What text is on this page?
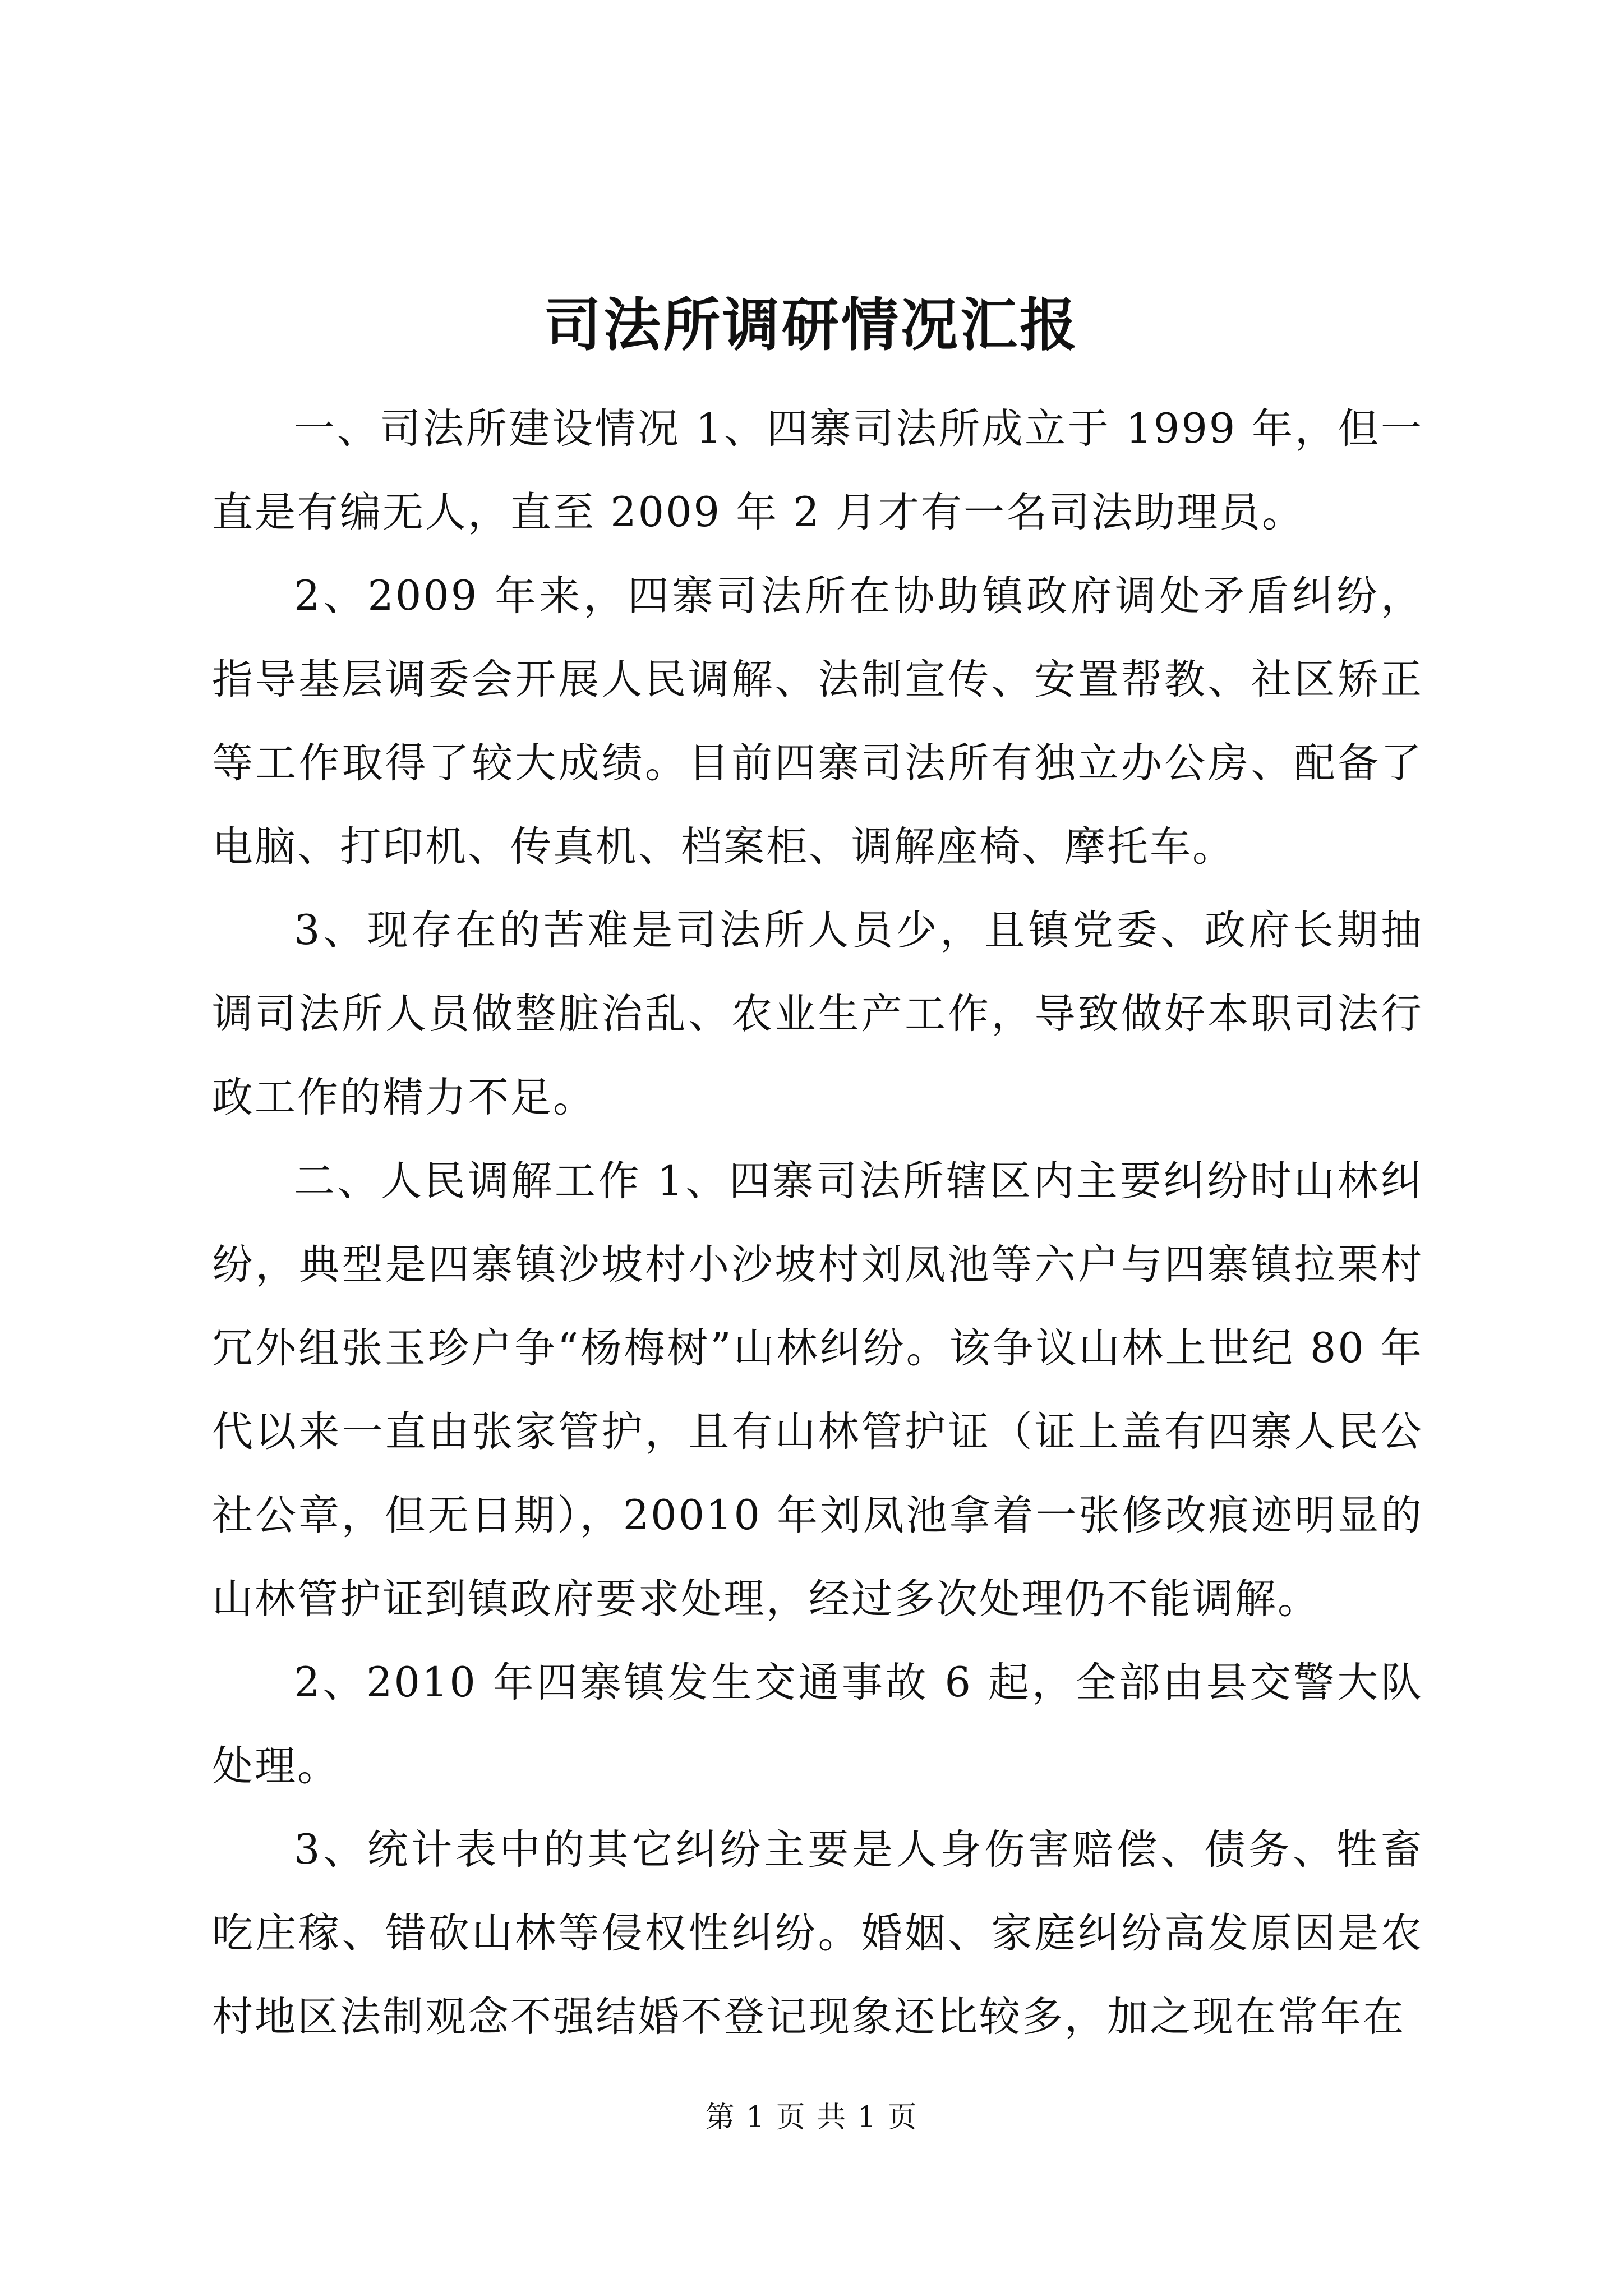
司法所调研情况汇报

一、司法所建设情况 1、四寨司法所成立于 1999 年，但一直是有编无人，直至 2009 年 2 月才有一名司法助理员。

2、2009 年来，四寨司法所在协助镇政府调处矛盾纠纷，指导基层调委会开展人民调解、法制宣传、安置帮教、社区矫正等工作取得了较大成绩。目前四寨司法所有独立办公房、配备了电脑、打印机、传真机、档案柜、调解座椅、摩托车。

3、现存在的苦难是司法所人员少，且镇党委、政府长期抽调司法所人员做整脏治乱、农业生产工作，导致做好本职司法行政工作的精力不足。

二、人民调解工作 1、四寨司法所辖区内主要纠纷时山林纠纷，典型是四寨镇沙坡村小沙坡村刘凤池等六户与四寨镇拉栗村冗外组张玉珍户争“杨梅树”山林纠纷。该争议山林上世纪 80 年代以来一直由张家管护，且有山林管护证（证上盖有四寨人民公社公章，但无日期），20010 年刘凤池拿着一张修改痕迹明显的山林管护证到镇政府要求处理，经过多次处理仍不能调解。

2、2010 年四寨镇发生交通事故 6 起，全部由县交警大队处理。

3、统计表中的其它纠纷主要是人身伤害赔偿、债务、牲畜吃庄稼、错砍山林等侵权性纠纷。婚姻、家庭纠纷高发原因是农村地区法制观念不强结婚不登记现象还比较多，加之现在常年在

第 1 页 共 1 页
